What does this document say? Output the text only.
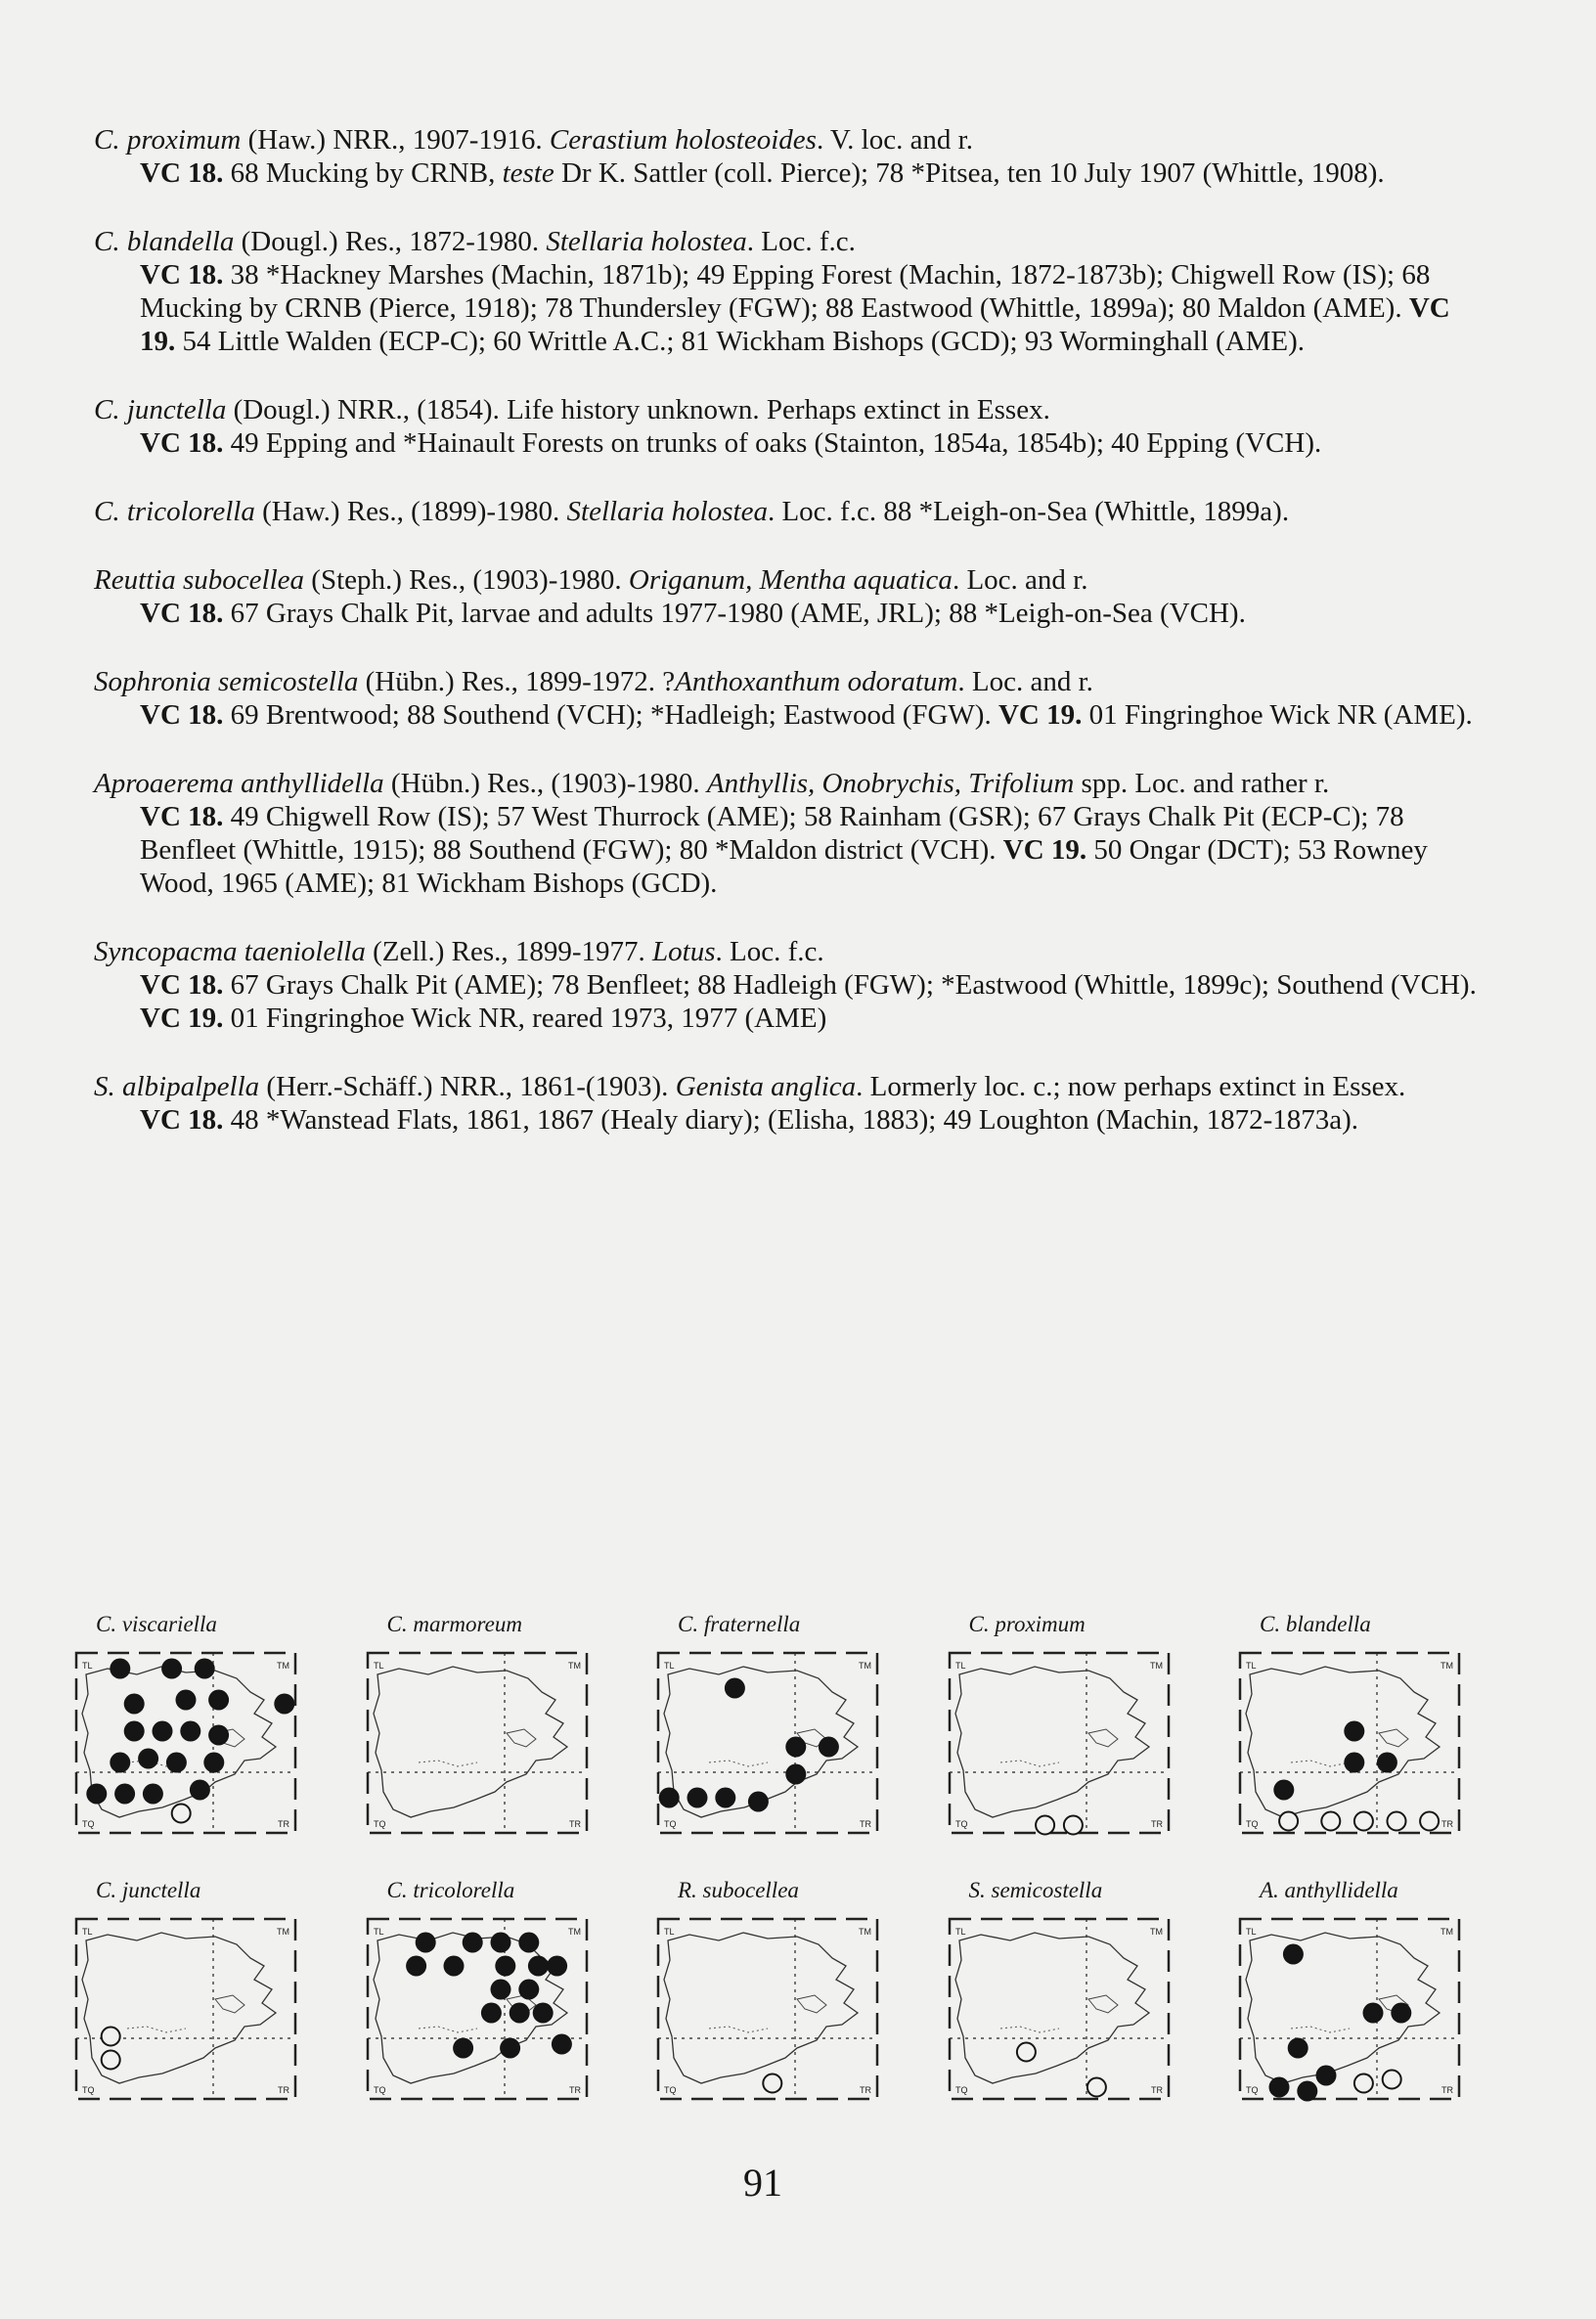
C. proximum (Haw.) NRR., 1907-1916. Cerastium holosteoides. V. loc. and r.
VC 18. 68 Mucking by CRNB, teste Dr K. Sattler (coll. Pierce); 78 *Pitsea, ten 10 July 1907 (Whittle, 1908).
C. blandella (Dougl.) Res., 1872-1980. Stellaria holostea. Loc. f.c.
VC 18. 38 *Hackney Marshes (Machin, 1871b); 49 Epping Forest (Machin, 1872-1873b); Chigwell Row (IS); 68 Mucking by CRNB (Pierce, 1918); 78 Thundersley (FGW); 88 Eastwood (Whittle, 1899a); 80 Maldon (AME). VC 19. 54 Little Walden (ECP-C); 60 Writtle A.C.; 81 Wickham Bishops (GCD); 93 Worminghall (AME).
C. junctella (Dougl.) NRR., (1854). Life history unknown. Perhaps extinct in Essex.
VC 18. 49 Epping and *Hainault Forests on trunks of oaks (Stainton, 1854a, 1854b); 40 Epping (VCH).
C. tricolorella (Haw.) Res., (1899)-1980. Stellaria holostea. Loc. f.c. 88 *Leigh-on-Sea (Whittle, 1899a).
Reuttia subocellea (Steph.) Res., (1903)-1980. Origanum, Mentha aquatica. Loc. and r.
VC 18. 67 Grays Chalk Pit, larvae and adults 1977-1980 (AME, JRL); 88 *Leigh-on-Sea (VCH).
Sophronia semicostella (Hübn.) Res., 1899-1972. ?Anthoxanthum odoratum. Loc. and r.
VC 18. 69 Brentwood; 88 Southend (VCH); *Hadleigh; Eastwood (FGW). VC 19. 01 Fingringhoe Wick NR (AME).
Aproaerema anthyllidella (Hübn.) Res., (1903)-1980. Anthyllis, Onobrychis, Trifolium spp. Loc. and rather r.
VC 18. 49 Chigwell Row (IS); 57 West Thurrock (AME); 58 Rainham (GSR); 67 Grays Chalk Pit (ECP-C); 78 Benfleet (Whittle, 1915); 88 Southend (FGW); 80 *Maldon district (VCH). VC 19. 50 Ongar (DCT); 53 Rowney Wood, 1965 (AME); 81 Wickham Bishops (GCD).
Syncopacma taeniolella (Zell.) Res., 1899-1977. Lotus. Loc. f.c.
VC 18. 67 Grays Chalk Pit (AME); 78 Benfleet; 88 Hadleigh (FGW); *Eastwood (Whittle, 1899c); Southend (VCH). VC 19. 01 Fingringhoe Wick NR, reared 1973, 1977 (AME)
S. albipalpella (Herr.-Schäff.) NRR., 1861-(1903). Genista anglica. Lormerly loc. c.; now perhaps extinct in Essex.
VC 18. 48 *Wanstead Flats, 1861, 1867 (Healy diary); (Elisha, 1883); 49 Loughton (Machin, 1872-1873a).
C. viscariella
TL	TM
TQ	TR
C. marmoreum
TL	TM
TQ	TR
C. fraternella
TL	TM
TQ	TR
C. proximum
TL	TM
TQ	TR
C. blandella
TL	TM
TQ	TR
C. junctella
TL	TM
TQ	TR
C. tricolorella
TL	TM
TQ	TR
R. subocellea
TL	TM
TQ	TR
S. semicostella
TL	TM
TQ	TR
A. anthyllidella
TL	TM
TQ	TR
91
